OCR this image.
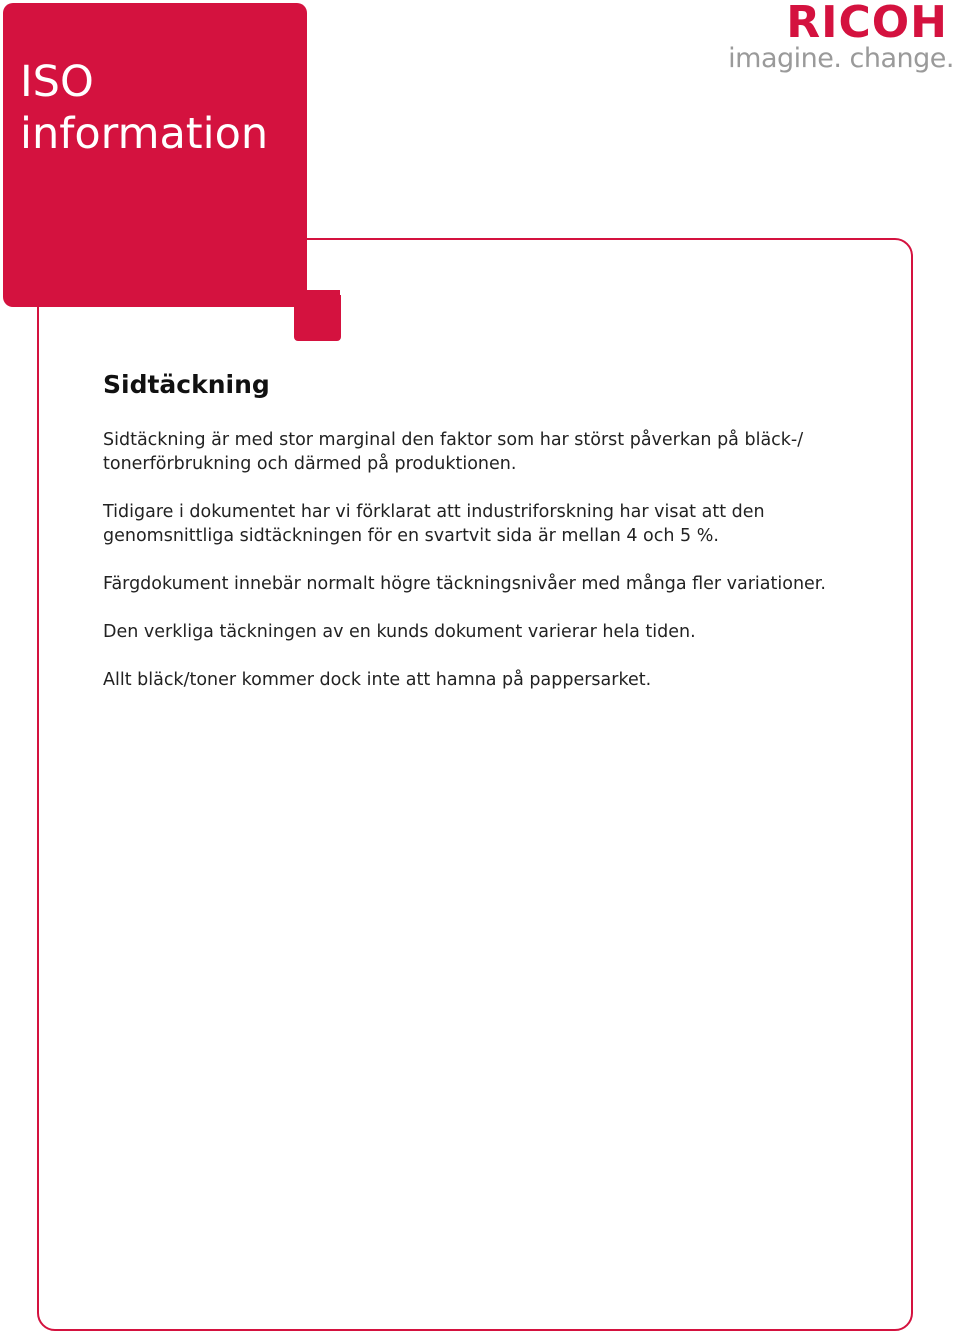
ISO
information
RICOH
imagine. change.
Sidtäckning

Sidtäckning är med stor marginal den faktor som har störst påverkan på bläck-/ tonerförbrukning och därmed på produktionen.

Tidigare i dokumentet har vi förklarat att industriforskning har visat att den genomsnittliga sidtäckningen för en svartvit sida är mellan 4 och 5 %.

Färgdokument innebär normalt högre täckningsnivåer med många fler variationer.

Den verkliga täckningen av en kunds dokument varierar hela tiden.

Allt bläck/toner kommer dock inte att hamna på pappersarket.
